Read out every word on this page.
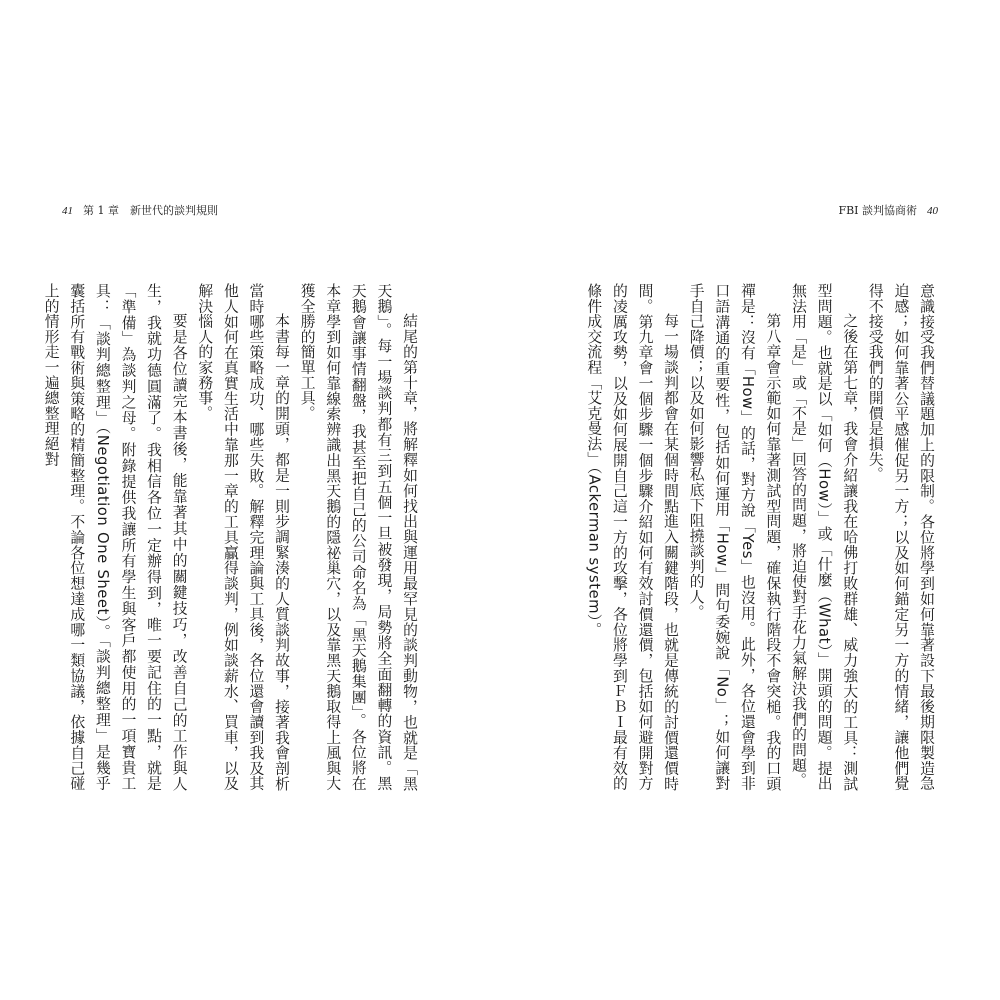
41 第 1 章　新世代的談判規則	FBI 談判協商術 40

意識接受我們替議題加上的限制。各位將學到如何靠著設下最後期限製造急迫感；如何靠著公平感催促另一方；以及如何錨定另一方的情緒，讓他們覺得不接受我們的開價是損失。

之後在第七章，我會介紹讓我在哈佛打敗群雄、威力強大的工具：測試型問題。也就是以「如何（How）」或「什麼（What）」開頭的問題。提出無法用「是」或「不是」回答的問題，將迫使對手花力氣解決我們的問題。

第八章會示範如何靠著測試型問題，確保執行階段不會突槌。我的口頭禪是：沒有「How」的話，對方說「Yes」也沒用。此外，各位還會學到非口語溝通的重要性，包括如何運用「How」問句委婉說「No」；如何讓對手自己降價；以及如何影響私底下阻撓談判的人。

每一場談判都會在某個時間點進入關鍵階段，也就是傳統的討價還價時間。第九章會一個步驟一個步驟介紹如何有效討價還價，包括如何避開對方的凌厲攻勢，以及如何展開自己這一方的攻擊，各位將學到ＦＢＩ最有效的條件成交流程「艾克曼法」（Ackerman system）。

結尾的第十章，將解釋如何找出與運用最罕見的談判動物，也就是「黑天鵝」。每一場談判都有三到五個一旦被發現，局勢將全面翻轉的資訊。黑天鵝會讓事情翻盤，我甚至把自己的公司命名為「黑天鵝集團」。各位將在本章學到如何靠線索辨識出黑天鵝的隱祕巢穴，以及靠黑天鵝取得上風與大獲全勝的簡單工具。

本書每一章的開頭，都是一則步調緊湊的人質談判故事，接著我會剖析當時哪些策略成功、哪些失敗。解釋完理論與工具後，各位還會讀到我及其他人如何在真實生活中靠那一章的工具贏得談判，例如談薪水、買車，以及解決惱人的家務事。

要是各位讀完本書後，能靠著其中的關鍵技巧，改善自己的工作與人生，我就功德圓滿了。我相信各位一定辦得到，唯一要記住的一點，就是「準備」為談判之母。附錄提供我讓所有學生與客戶都使用的一項寶貴工具：「談判總整理」（Negotiation One Sheet）。「談判總整理」是幾乎囊括所有戰術與策略的精簡整理。不論各位想達成哪一類協議，依據自己碰上的情形走一遍總整理絕對
